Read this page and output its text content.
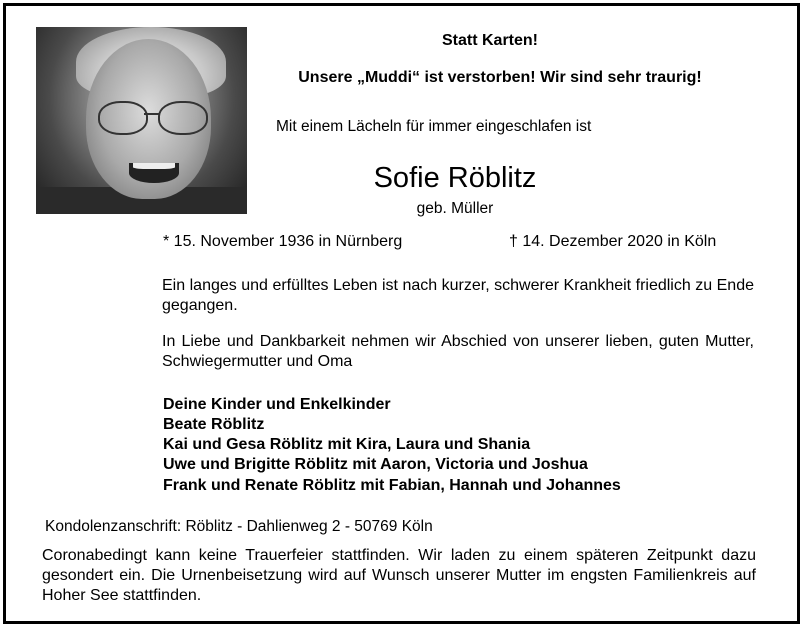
Statt Karten!
Unsere „Muddi“ ist verstorben! Wir sind sehr traurig!
Mit einem Lächeln für immer eingeschlafen ist
Sofie Röblitz
geb. Müller
* 15. November 1936 in Nürnberg	† 14. Dezember 2020 in Köln
Ein langes und erfülltes Leben ist nach kurzer, schwerer Krankheit friedlich zu Ende gegangen.
In Liebe und Dankbarkeit nehmen wir Abschied von unserer lieben, guten Mutter, Schwiegermutter und Oma
Deine Kinder und Enkelkinder
Beate Röblitz
Kai und Gesa Röblitz mit Kira, Laura und Shania
Uwe und Brigitte Röblitz mit Aaron, Victoria und Joshua
Frank und Renate Röblitz mit Fabian, Hannah und Johannes
Kondolenzanschrift: Röblitz - Dahlienweg 2 - 50769 Köln
Coronabedingt kann keine Trauerfeier stattfinden. Wir laden zu einem späteren Zeitpunkt dazu gesondert ein. Die Urnenbeisetzung wird auf Wunsch unserer Mutter im engsten Familienkreis auf Hoher See stattfinden.
